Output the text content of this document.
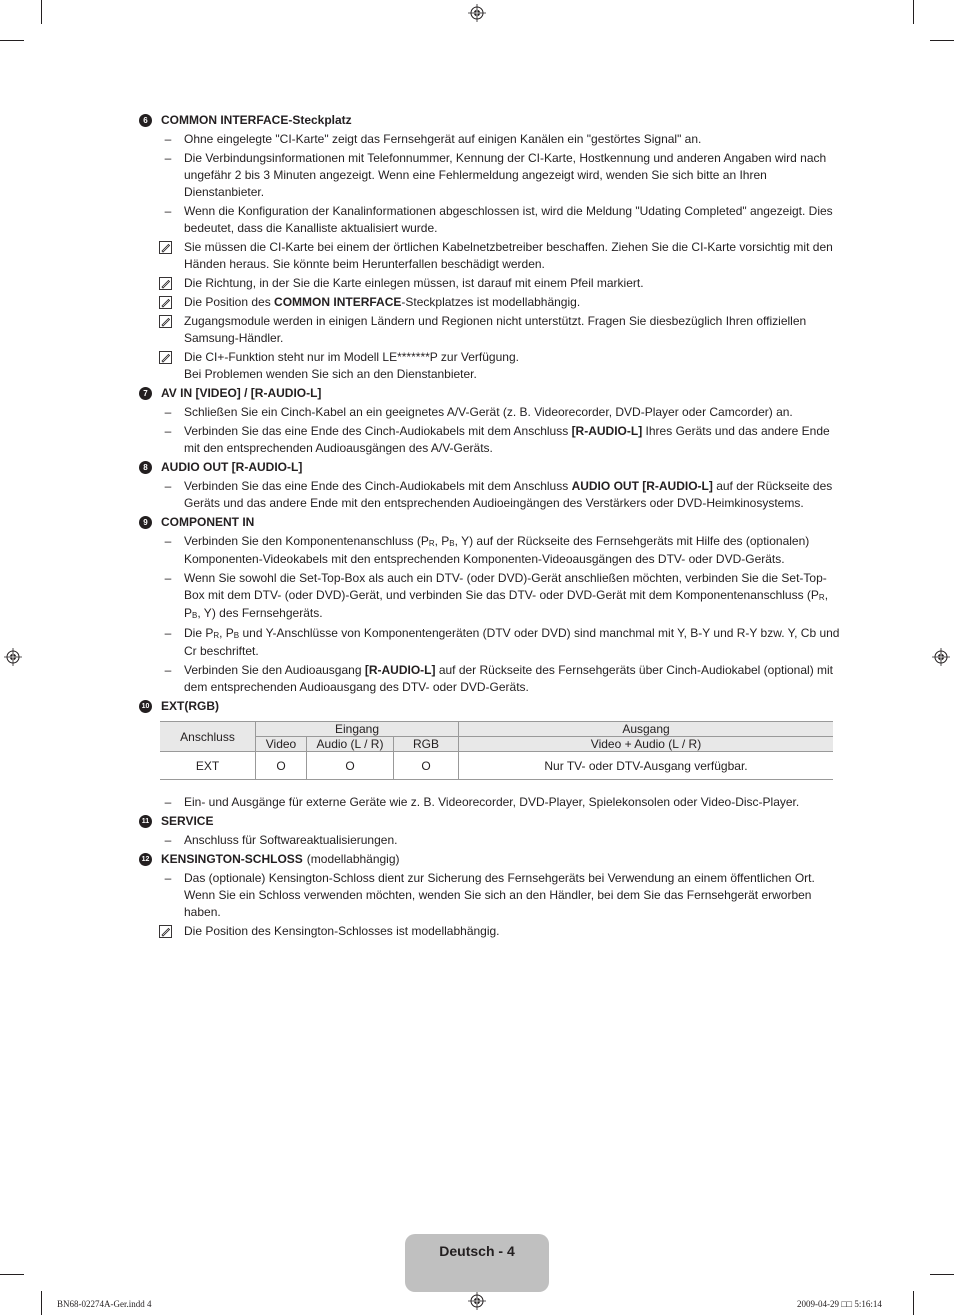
6	COMMON INTERFACE-Steckplatz
–	Ohne eingelegte "CI-Karte" zeigt das Fernsehgerät auf einigen Kanälen ein "gestörtes Signal" an.
–	Die Verbindungsinformationen mit Telefonnummer, Kennung der CI-Karte, Hostkennung und anderen Angaben wird nach ungefähr 2 bis 3 Minuten angezeigt. Wenn eine Fehlermeldung angezeigt wird, wenden Sie sich bitte an Ihren Dienstanbieter.
–	Wenn die Konfiguration der Kanalinformationen abgeschlossen ist, wird die Meldung "Udating Completed" angezeigt. Dies bedeutet, dass die Kanalliste aktualisiert wurde.
Sie müssen die CI-Karte bei einem der örtlichen Kabelnetzbetreiber beschaffen. Ziehen Sie die CI-Karte vorsichtig mit den Händen heraus. Sie könnte beim Herunterfallen beschädigt werden.
Die Richtung, in der Sie die Karte einlegen müssen, ist darauf mit einem Pfeil markiert.
Die Position des COMMON INTERFACE-Steckplatzes ist modellabhängig.
Zugangsmodule werden in einigen Ländern und Regionen nicht unterstützt. Fragen Sie diesbezüglich Ihren offiziellen Samsung-Händler.
Die CI+-Funktion steht nur im Modell LE*******P zur Verfügung.
Bei Problemen wenden Sie sich an den Dienstanbieter.
7	AV IN [VIDEO] / [R-AUDIO-L]
–	Schließen Sie ein Cinch-Kabel an ein geeignetes A/V-Gerät (z. B. Videorecorder, DVD-Player oder Camcorder) an.
–	Verbinden Sie das eine Ende des Cinch-Audiokabels mit dem Anschluss [R-AUDIO-L] Ihres Geräts und das andere Ende mit den entsprechenden Audioausgängen des A/V-Geräts.
8	AUDIO OUT [R-AUDIO-L]
–	Verbinden Sie das eine Ende des Cinch-Audiokabels mit dem Anschluss AUDIO OUT [R-AUDIO-L] auf der Rückseite des Geräts und das andere Ende mit den entsprechenden Audioeingängen des Verstärkers oder DVD-Heimkinosystems.
9	COMPONENT IN
–	Verbinden Sie den Komponentenanschluss (PR, PB, Y) auf der Rückseite des Fernsehgeräts mit Hilfe des (optionalen) Komponenten-Videokabels mit den entsprechenden Komponenten-Videoausgängen des DTV- oder DVD-Geräts.
–	Wenn Sie sowohl die Set-Top-Box als auch ein DTV- (oder DVD)-Gerät anschließen möchten, verbinden Sie die Set-Top-Box mit dem DTV- (oder DVD)-Gerät, und verbinden Sie das DTV- oder DVD-Gerät mit dem Komponentenanschluss (PR, PB, Y) des Fernsehgeräts.
–	Die PR, PB und Y-Anschlüsse von Komponentengeräten (DTV oder DVD) sind manchmal mit Y, B-Y und R-Y bzw. Y, Cb und Cr beschriftet.
–	Verbinden Sie den Audioausgang [R-AUDIO-L] auf der Rückseite des Fernsehgeräts über Cinch-Audiokabel (optional) mit dem entsprechenden Audioausgang des DTV- oder DVD-Geräts.
10 EXT(RGB)
Anschluss	Eingang			Ausgang
	Video	Audio (L / R)	RGB	Video + Audio (L / R)
EXT	O	O	O	Nur TV- oder DTV-Ausgang verfügbar.
–	Ein- und Ausgänge für externe Geräte wie z. B. Videorecorder, DVD-Player, Spielekonsolen oder Video-Disc-Player.
11 SERVICE
–	Anschluss für Softwareaktualisierungen.
12 KENSINGTON-SCHLOSS (modellabhängig)
–	Das (optionale) Kensington-Schloss dient zur Sicherung des Fernsehgeräts bei Verwendung an einem öffentlichen Ort. Wenn Sie ein Schloss verwenden möchten, wenden Sie sich an den Händler, bei dem Sie das Fernsehgerät erworben haben.
Die Position des Kensington-Schlosses ist modellabhängig.
Deutsch - 4
BN68-02274A-Ger.indd 4	2009-04-29 □□ 5:16:14
